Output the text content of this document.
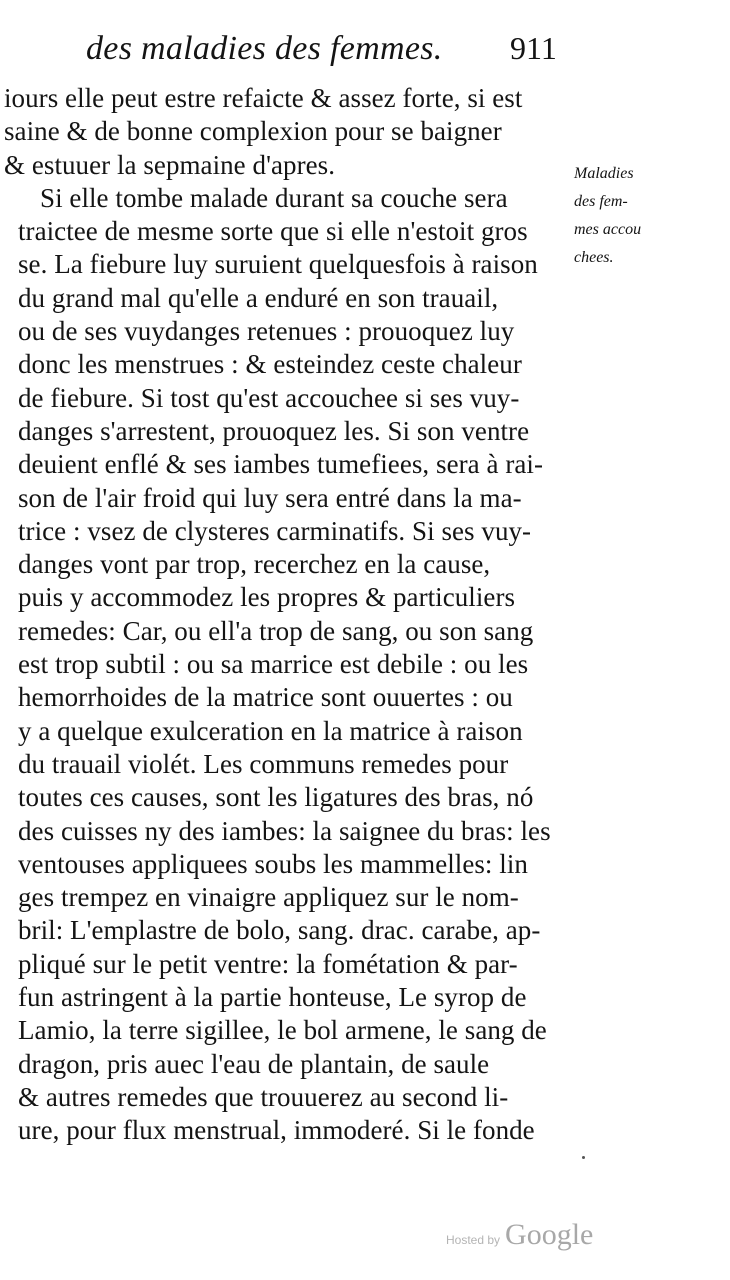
des maladies des femmes. 911
iours elle peut estre refaicte & assez forte, si est
saine & de bonne complexion pour se baigner
& estuuer la sepmaine d'apres.
Si elle tombe malade durant sa couche sera
traictee de mesme sorte que si elle n'estoit gros
se. La fiebure luy suruient quelquesfois à raison
du grand mal qu'elle a enduré en son trauail,
ou de ses vuydanges retenues : prouoquez luy
donc les menstrues : & esteindez ceste chaleur
de fiebure. Si tost qu'est accouchee si ses vuy-
danges s'arrestent, prouoquez les. Si son ventre
deuient enflé & ses iambes tumefiees, sera à rai-
son de l'air froid qui luy sera entré dans la ma-
trice : vsez de clysteres carminatifs. Si ses vuy-
danges vont par trop, recerchez en la cause,
puis y accommodez les propres & particuliers
remedes: Car, ou ell'a trop de sang, ou son sang
est trop subtil : ou sa marrice est debile : ou les
hemorrhoides de la matrice sont ouuertes : ou
y a quelque exulceration en la matrice à raison
du trauail violét. Les communs remedes pour
toutes ces causes, sont les ligatures des bras, nó
des cuisses ny des iambes: la saignee du bras: les
ventouses appliquees soubs les mammelles: lin
ges trempez en vinaigre appliquez sur le nom-
bril: L'emplastre de bolo, sang. drac. carabe, ap-
pliqué sur le petit ventre: la fométation & par-
fun astringent à la partie honteuse, Le syrop de
Lamio, la terre sigillee, le bol armene, le sang de
dragon, pris auec l'eau de plantain, de saule
& autres remedes que trouuerez au second li-
ure, pour flux menstrual, immoderé. Si le fonde
Maladies
des fem-
mes accou
chees.
Hosted by Google
